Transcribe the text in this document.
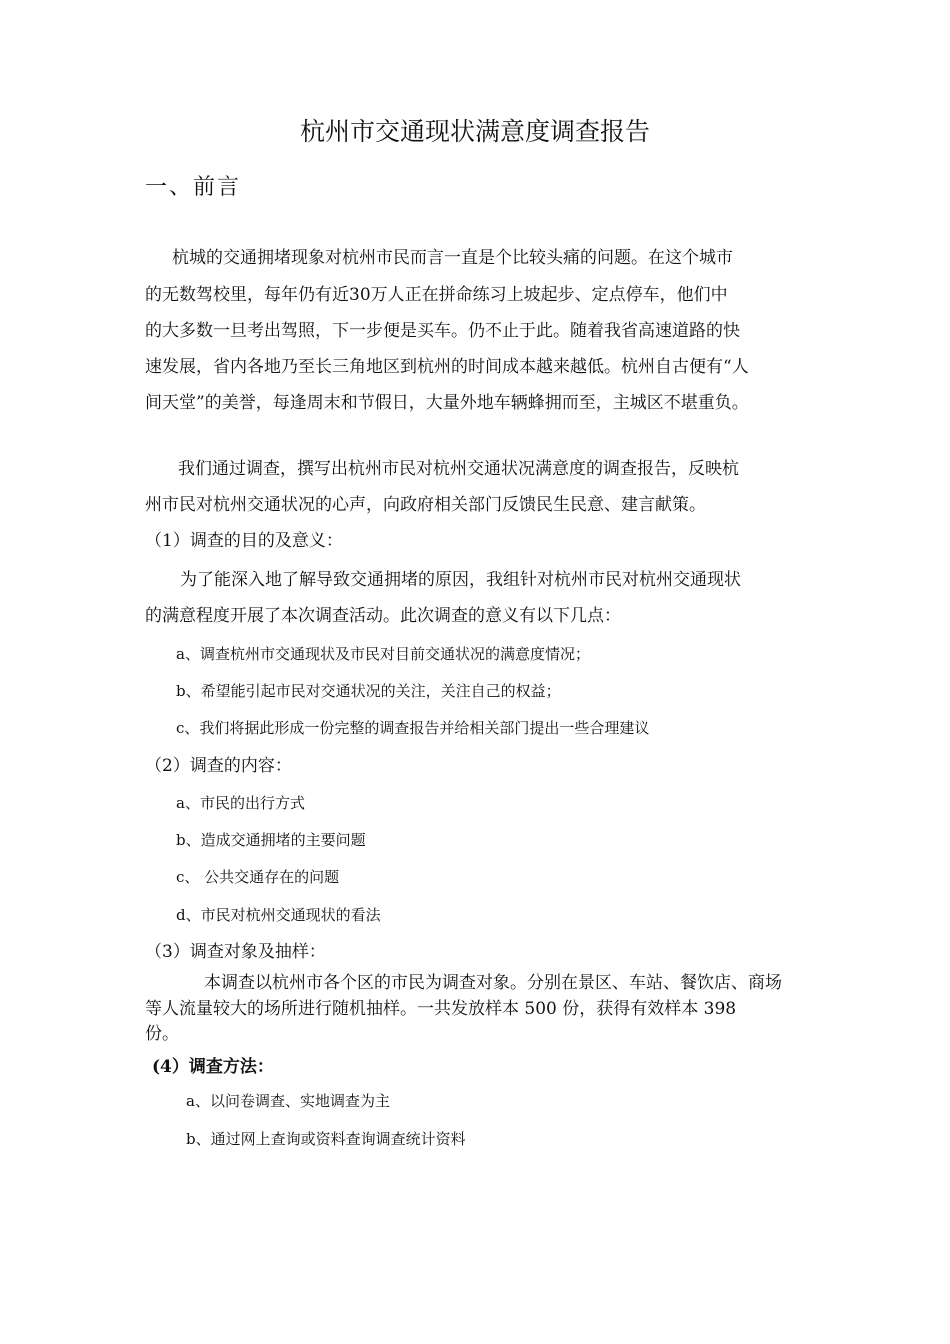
杭州市交通现状满意度调查报告
一、前言
杭城的交通拥堵现象对杭州市民而言一直是个比较头痛的问题。在这个城市
的无数驾校里，每年仍有近30万人正在拼命练习上坡起步、定点停车，他们中
的大多数一旦考出驾照，下一步便是买车。仍不止于此。随着我省高速道路的快
速发展，省内各地乃至长三角地区到杭州的时间成本越来越低。杭州自古便有“人
间天堂”的美誉，每逢周末和节假日，大量外地车辆蜂拥而至，主城区不堪重负。
我们通过调查，撰写出杭州市民对杭州交通状况满意度的调查报告，反映杭
州市民对杭州交通状况的心声，向政府相关部门反馈民生民意、建言献策。
（1）调查的目的及意义：
为了能深入地了解导致交通拥堵的原因，我组针对杭州市民对杭州交通现状
的满意程度开展了本次调查活动。此次调查的意义有以下几点：
a、调查杭州市交通现状及市民对目前交通状况的满意度情况；
b、希望能引起市民对交通状况的关注，关注自己的权益；
c、我们将据此形成一份完整的调查报告并给相关部门提出一些合理建议
（2）调查的内容：
a、市民的出行方式
b、造成交通拥堵的主要问题
c、 公共交通存在的问题
d、市民对杭州交通现状的看法
（3）调查对象及抽样：
本调查以杭州市各个区的市民为调查对象。分别在景区、车站、餐饮店、商场
等人流量较大的场所进行随机抽样。一共发放样本 500 份，获得有效样本 398
份。
(4）调查方法：
a、以问卷调查、实地调查为主
b、通过网上查询或资料查询调查统计资料
